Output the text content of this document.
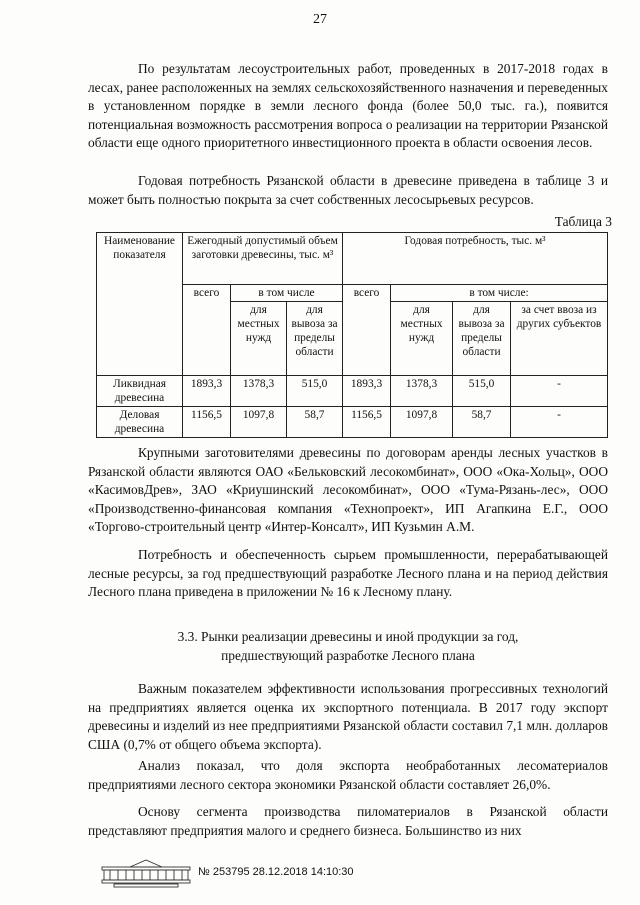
27

По результатам лесоустроительных работ, проведенных в 2017-2018 годах в лесах, ранее расположенных на землях сельскохозяйственного назначения и переведенных в установленном порядке в земли лесного фонда (более 50,0 тыс. га.), появится потенциальная возможность рассмотрения вопроса о реализации на территории Рязанской области еще одного приоритетного инвестиционного проекта в области освоения лесов.

Годовая потребность Рязанской области в древесине приведена в таблице 3 и может быть полностью покрыта за счет собственных лесосырьевых ресурсов.

Таблица 3
Наименование показателя	Ежегодный допустимый объем заготовки древесины, тыс. м³			Годовая потребность, тыс. м³			
	всего	в том числе		всего	в том числе:		
		для местных нужд	для вывоза за пределы области		для местных нужд	для вывоза за пределы области	за счет ввоза из других субъектов
Ликвидная древесина	1893,3	1378,3	515,0	1893,3	1378,3	515,0	-
Деловая древесина	1156,5	1097,8	58,7	1156,5	1097,8	58,7	-

Крупными заготовителями древесины по договорам аренды лесных участков в Рязанской области являются ОАО «Бельковский лесокомбинат», ООО «Ока-Хольц», ООО «КасимовДрев», ЗАО «Криушинский лесокомбинат», ООО «Тума-Рязань-лес», ООО «Производственно-финансовая компания «Технопроект», ИП Агапкина Е.Г., ООО «Торгово-строительный центр «Интер-Консалт», ИП Кузьмин А.М.

Потребность и обеспеченность сырьем промышленности, перерабатывающей лесные ресурсы, за год предшествующий разработке Лесного плана и на период действия Лесного плана приведена в приложении № 16 к Лесному плану.

3.3. Рынки реализации древесины и иной продукции за год,
предшествующий разработке Лесного плана

Важным показателем эффективности использования прогрессивных технологий на предприятиях является оценка их экспортного потенциала. В 2017 году экспорт древесины и изделий из нее предприятиями Рязанской области составил 7,1 млн. долларов США (0,7% от общего объема экспорта).

Анализ показал, что доля экспорта необработанных лесоматериалов предприятиями лесного сектора экономики Рязанской области составляет 26,0%.

Основу сегмента производства пиломатериалов в Рязанской области представляют предприятия малого и среднего бизнеса. Большинство из них

№ 253795 28.12.2018 14:10:30
